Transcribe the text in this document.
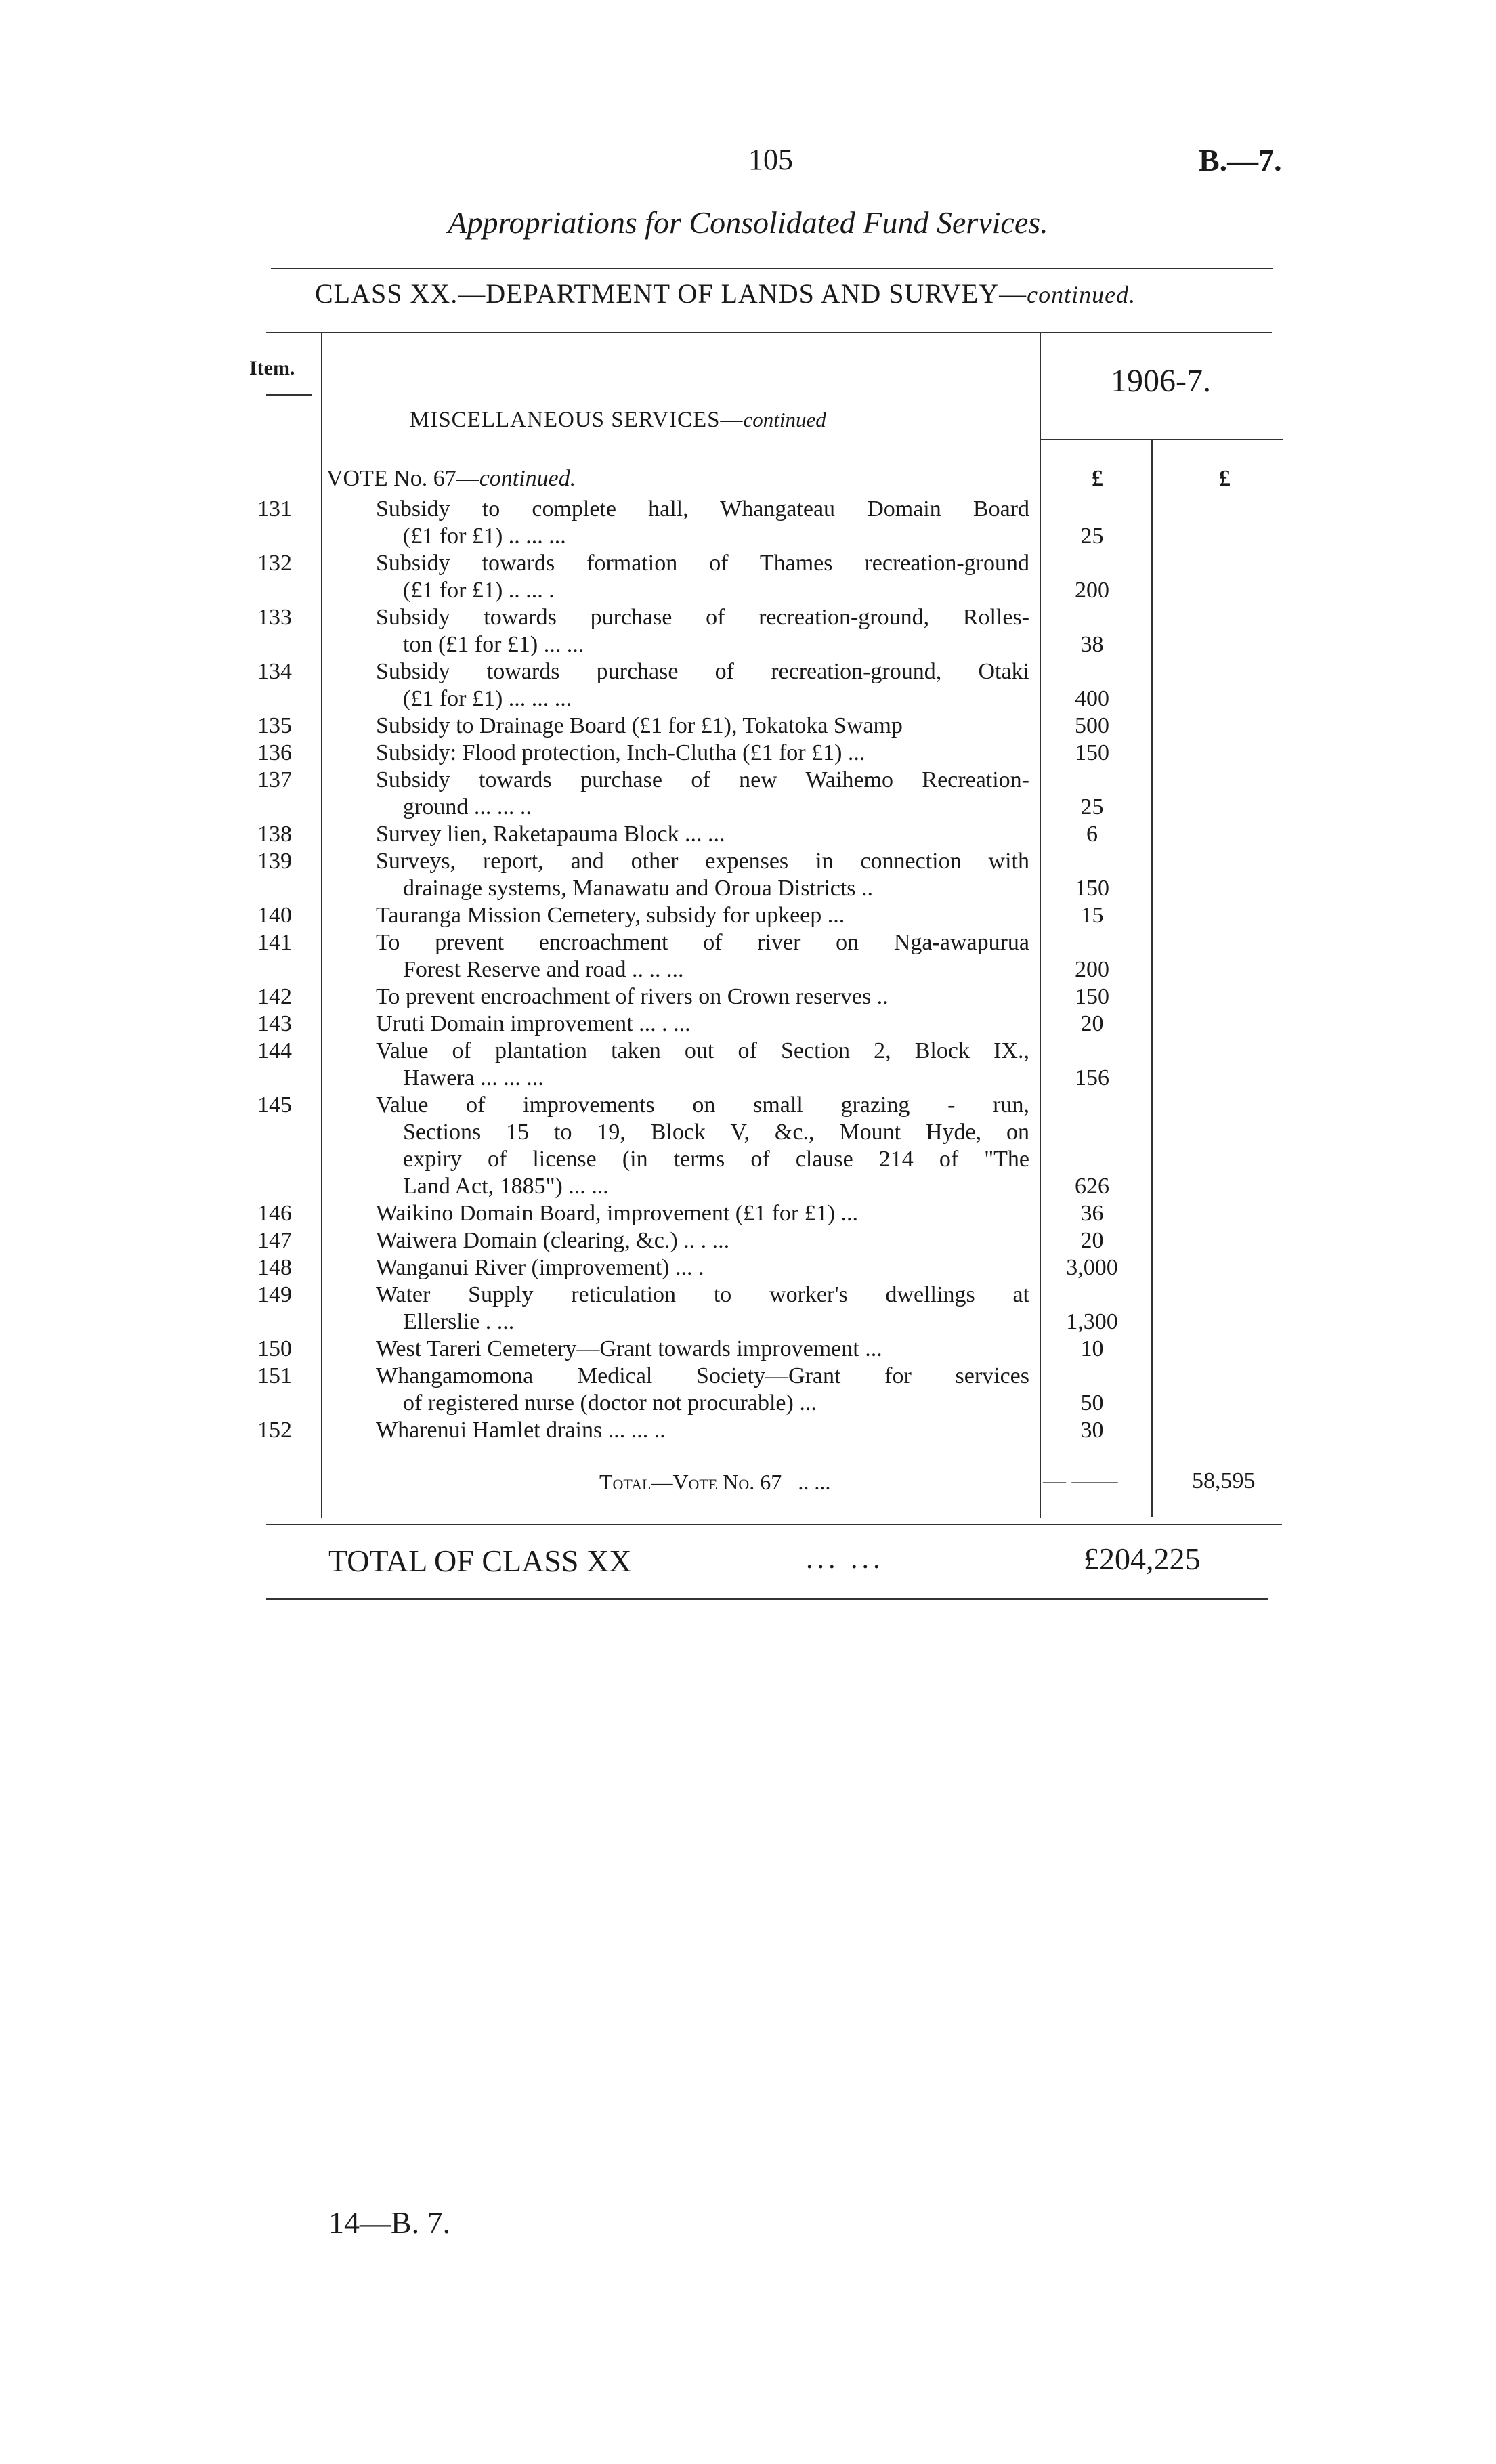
105	B.—7.
Appropriations for Consolidated Fund Services.
CLASS XX.—DEPARTMENT OF LANDS AND SURVEY—continued.
Item.
MISCELLANEOUS SERVICES—continued
1906-7.
£	£
VOTE No. 67—continued.
131	Subsidy to complete hall, Whangateau Domain Board
(£1 for £1) .. ... ...	25
132	Subsidy towards formation of Thames recreation-ground
(£1 for £1) .. ... .	200
133	Subsidy towards purchase of recreation-ground, Rolles-
ton (£1 for £1) ... ...	38
134	Subsidy towards purchase of recreation-ground, Otaki
(£1 for £1) ... ... ...	400
135	Subsidy to Drainage Board (£1 for £1), Tokatoka Swamp	500
136	Subsidy: Flood protection, Inch-Clutha (£1 for £1) ...	150
137	Subsidy towards purchase of new Waihemo Recreation-
ground ... ... ..	25
138	Survey lien, Raketapauma Block ... ...	6
139	Surveys, report, and other expenses in connection with
drainage systems, Manawatu and Oroua Districts ..	150
140	Tauranga Mission Cemetery, subsidy for upkeep ...	15
141	To prevent encroachment of river on Nga-awapurua
Forest Reserve and road .. .. ...	200
142	To prevent encroachment of rivers on Crown reserves ..	150
143	Uruti Domain improvement ... . ...	20
144	Value of plantation taken out of Section 2, Block IX.,
Hawera ... ... ...	156
145	Value of improvements on small grazing - run,
Sections 15 to 19, Block V, &c., Mount Hyde, on
expiry of license (in terms of clause 214 of "The
Land Act, 1885") ... ...	626
146	Waikino Domain Board, improvement (£1 for £1) ...	36
147	Waiwera Domain (clearing, &c.) .. . ...	20
148	Wanganui River (improvement) ... .	3,000
149	Water Supply reticulation to worker's dwellings at
Ellerslie . ...	1,300
150	West Tareri Cemetery—Grant towards improvement ...	10
151	Whangamomona Medical Society—Grant for services
of registered nurse (doctor not procurable) ...	50
152	Wharenui Hamlet drains ... ... ..	30
Total—Vote No. 67 .. ...	— ——	58,595
TOTAL OF CLASS XX	... ...	£204,225
14—B. 7.
